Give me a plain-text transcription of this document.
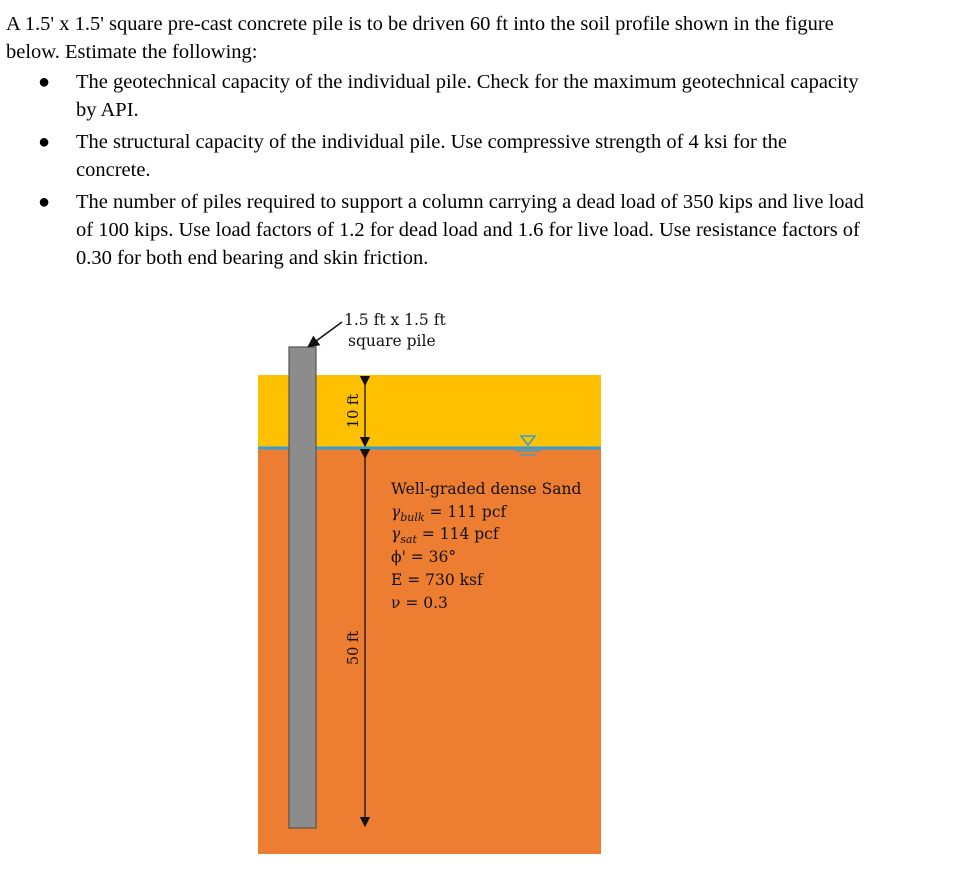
A 1.5' x 1.5' square pre-cast concrete pile is to be driven 60 ft into the soil profile shown in the figure below. Estimate the following:

● The geotechnical capacity of the individual pile. Check for the maximum geotechnical capacity by API.
● The structural capacity of the individual pile. Use compressive strength of 4 ksi for the concrete.
● The number of piles required to support a column carrying a dead load of 350 kips and live load of 100 kips. Use load factors of 1.2 for dead load and 1.6 for live load. Use resistance factors of 0.30 for both end bearing and skin friction.
1.5 ft x 1.5 ft
square pile
10 ft
50 ft
Well-graded dense Sand
$\gamma_{bulk} = 111$ pcf
$\gamma_{sat} = 114$ pcf
ϕ' = 36°
E = 730 ksf
ν = 0.3
